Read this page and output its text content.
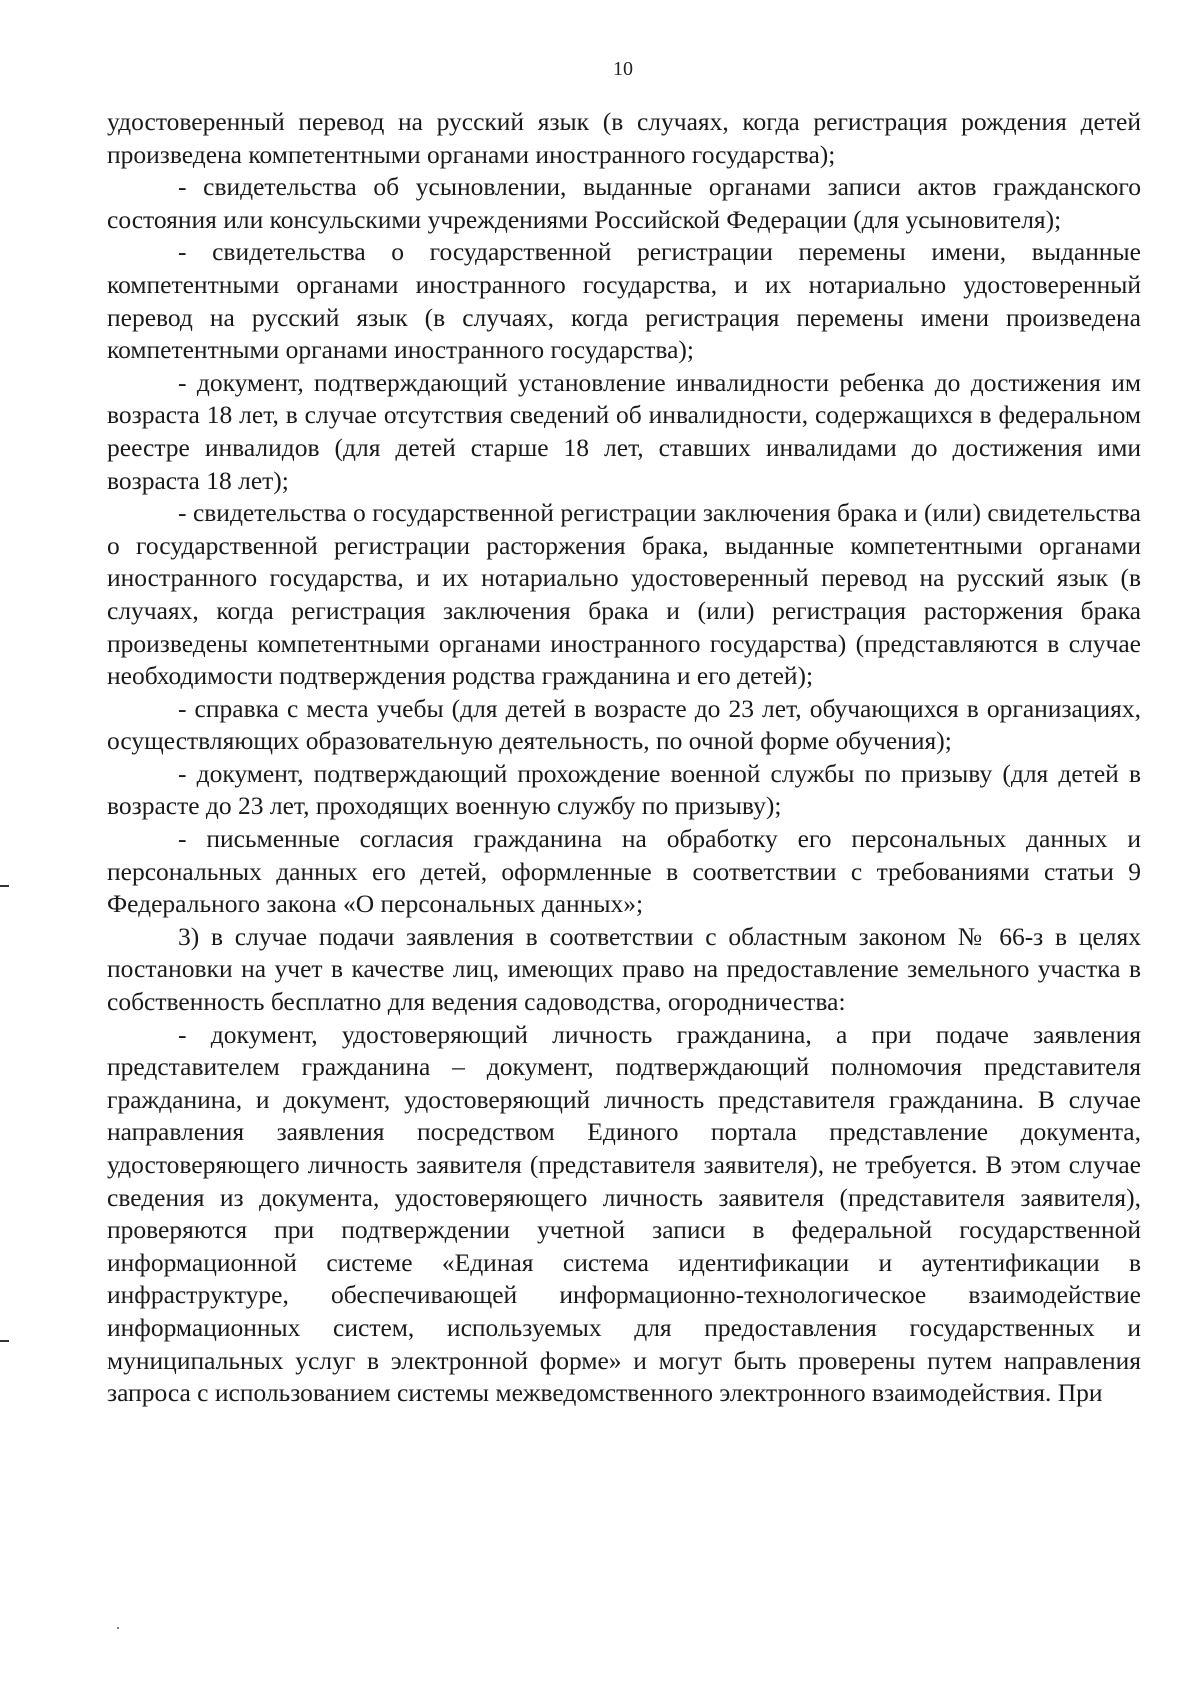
10

удостоверенный перевод на русский язык (в случаях, когда регистрация рождения детей произведена компетентными органами иностранного государства);

- свидетельства об усыновлении, выданные органами записи актов гражданского состояния или консульскими учреждениями Российской Федерации (для усыновителя);

- свидетельства о государственной регистрации перемены имени, выданные компетентными органами иностранного государства, и их нотариально удостоверенный перевод на русский язык (в случаях, когда регистрация перемены имени произведена компетентными органами иностранного государства);

- документ, подтверждающий установление инвалидности ребенка до достижения им возраста 18 лет, в случае отсутствия сведений об инвалидности, содержащихся в федеральном реестре инвалидов (для детей старше 18 лет, ставших инвалидами до достижения ими возраста 18 лет);

- свидетельства о государственной регистрации заключения брака и (или) свидетельства о государственной регистрации расторжения брака, выданные компетентными органами иностранного государства, и их нотариально удостоверенный перевод на русский язык (в случаях, когда регистрация заключения брака и (или) регистрация расторжения брака произведены компетентными органами иностранного государства) (представляются в случае необходимости подтверждения родства гражданина и его детей);

- справка с места учебы (для детей в возрасте до 23 лет, обучающихся в организациях, осуществляющих образовательную деятельность, по очной форме обучения);

- документ, подтверждающий прохождение военной службы по призыву (для детей в возрасте до 23 лет, проходящих военную службу по призыву);

- письменные согласия гражданина на обработку его персональных данных и персональных данных его детей, оформленные в соответствии с требованиями статьи 9 Федерального закона «О персональных данных»;

3) в случае подачи заявления в соответствии с областным законом № 66-з в целях постановки на учет в качестве лиц, имеющих право на предоставление земельного участка в собственность бесплатно для ведения садоводства, огородничества:

- документ, удостоверяющий личность гражданина, а при подаче заявления представителем гражданина – документ, подтверждающий полномочия представителя гражданина, и документ, удостоверяющий личность представителя гражданина. В случае направления заявления посредством Единого портала представление документа, удостоверяющего личность заявителя (представителя заявителя), не требуется. В этом случае сведения из документа, удостоверяющего личность заявителя (представителя заявителя), проверяются при подтверждении учетной записи в федеральной государственной информационной системе «Единая система идентификации и аутентификации в инфраструктуре, обеспечивающей информационно-технологическое взаимодействие информационных систем, используемых для предоставления государственных и муниципальных услуг в электронной форме» и могут быть проверены путем направления запроса с использованием системы межведомственного электронного взаимодействия. При
